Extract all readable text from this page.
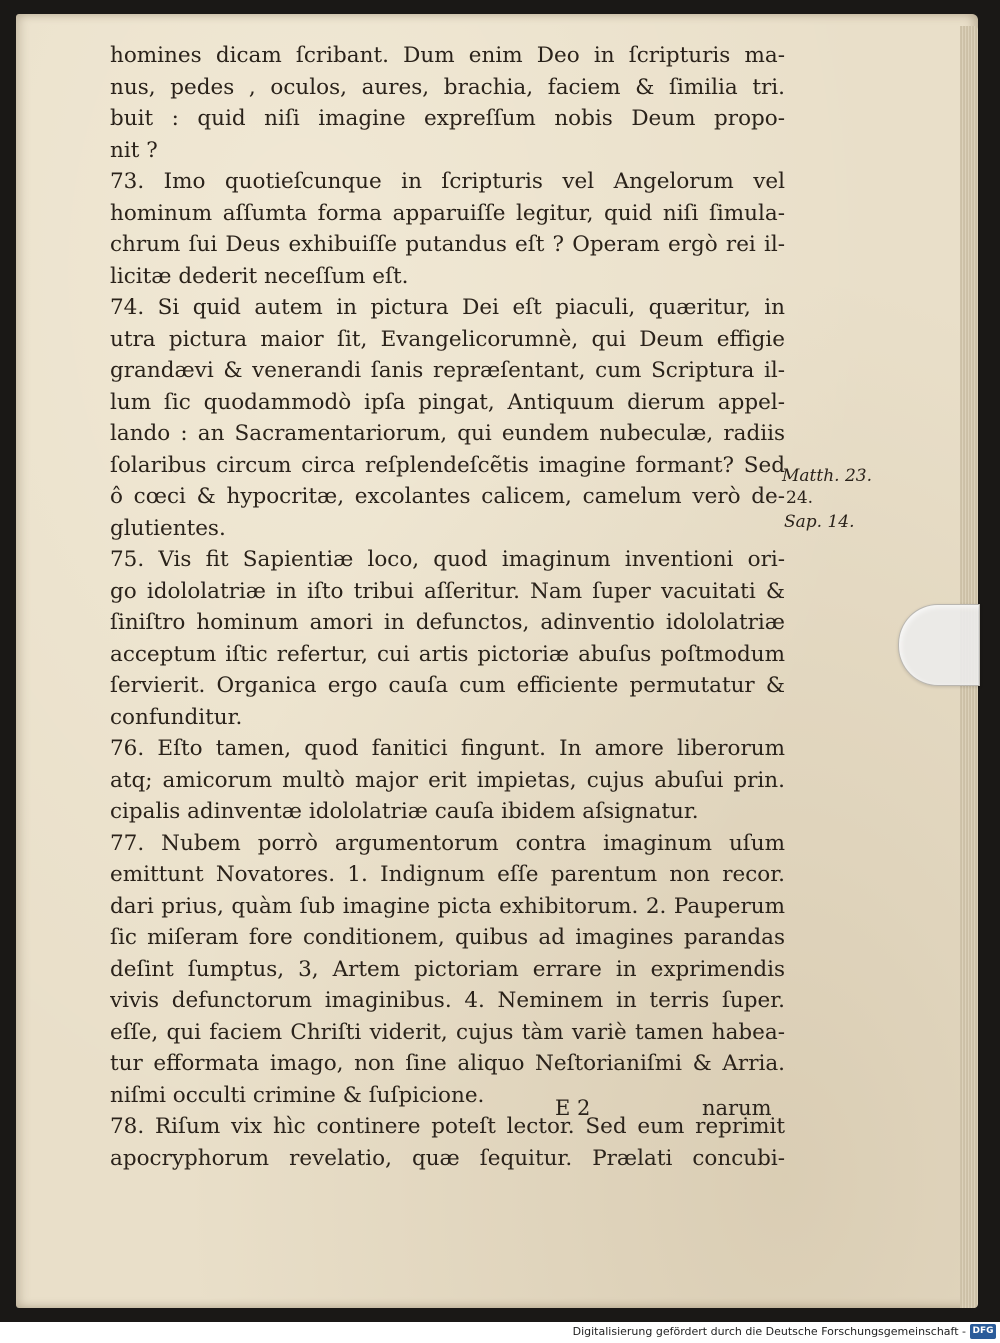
homines dicam ſcribant. Dum enim Deo in ſcripturis ma-
nus, pedes , oculos, aures, brachia, faciem & ſimilia tri.
buit : quid niſi imagine expreſſum nobis Deum propo-
nit ?
73. Imo quotieſcunque in ſcripturis vel Angelorum vel
hominum aſſumta forma apparuiſſe legitur, quid niſi ſimula-
chrum ſui Deus exhibuiſſe putandus eſt ? Operam ergò rei il-
licitæ dederit neceſſum eſt.
74. Si quid autem in pictura Dei eſt piaculi, quæritur, in
utra pictura maior ſit, Evangelicorumnè, qui Deum effigie
grandævi & venerandi ſanis repræſentant, cum Scriptura il-
lum ſic quodammodò ipſa pingat, Antiquum dierum appel-
lando : an Sacramentariorum, qui eundem nubeculæ, radiis
ſolaribus circum circa reſplendeſcẽtis imagine formant? Sed
ô cœci & hypocritæ, excolantes calicem, camelum verò de-
glutientes.
75. Vis fit Sapientiæ loco, quod imaginum inventioni ori-
go idololatriæ in iſto tribui aſſeritur. Nam ſuper vacuitati &
ſiniſtro hominum amori in defunctos, adinventio idololatriæ
acceptum iſtic refertur, cui artis pictoriæ abuſus poſtmodum
ſervierit. Organica ergo cauſa cum efficiente permutatur &
confunditur.
76. Eſto tamen, quod fanitici fingunt. In amore liberorum
atq; amicorum multò major erit impietas, cujus abuſui prin.
cipalis adinventæ idololatriæ cauſa ibidem aſsignatur.
77. Nubem porrò argumentorum contra imaginum uſum
emittunt Novatores. 1. Indignum eſſe parentum non recor.
dari prius, quàm ſub imagine picta exhibitorum. 2. Pauperum
ſic miſeram fore conditionem, quibus ad imagines parandas
deſint ſumptus, 3, Artem pictoriam errare in exprimendis
vivis defunctorum imaginibus. 4. Neminem in terris ſuper.
eſſe, qui faciem Chriſti viderit, cujus tàm variè tamen habea-
tur efformata imago, non ſine aliquo Neſtorianiſmi & Arria.
niſmi occulti crimine & ſuſpicione.
78. Riſum vix hìc continere poteſt lector. Sed eum reprimit
apocryphorum revelatio, quæ ſequitur. Prælati concubi-
Matth. 23.
24.
Sap. 14.
E 2	narum
Digitalisierung gefördert durch die Deutsche Forschungsgemeinschaft - DFG
